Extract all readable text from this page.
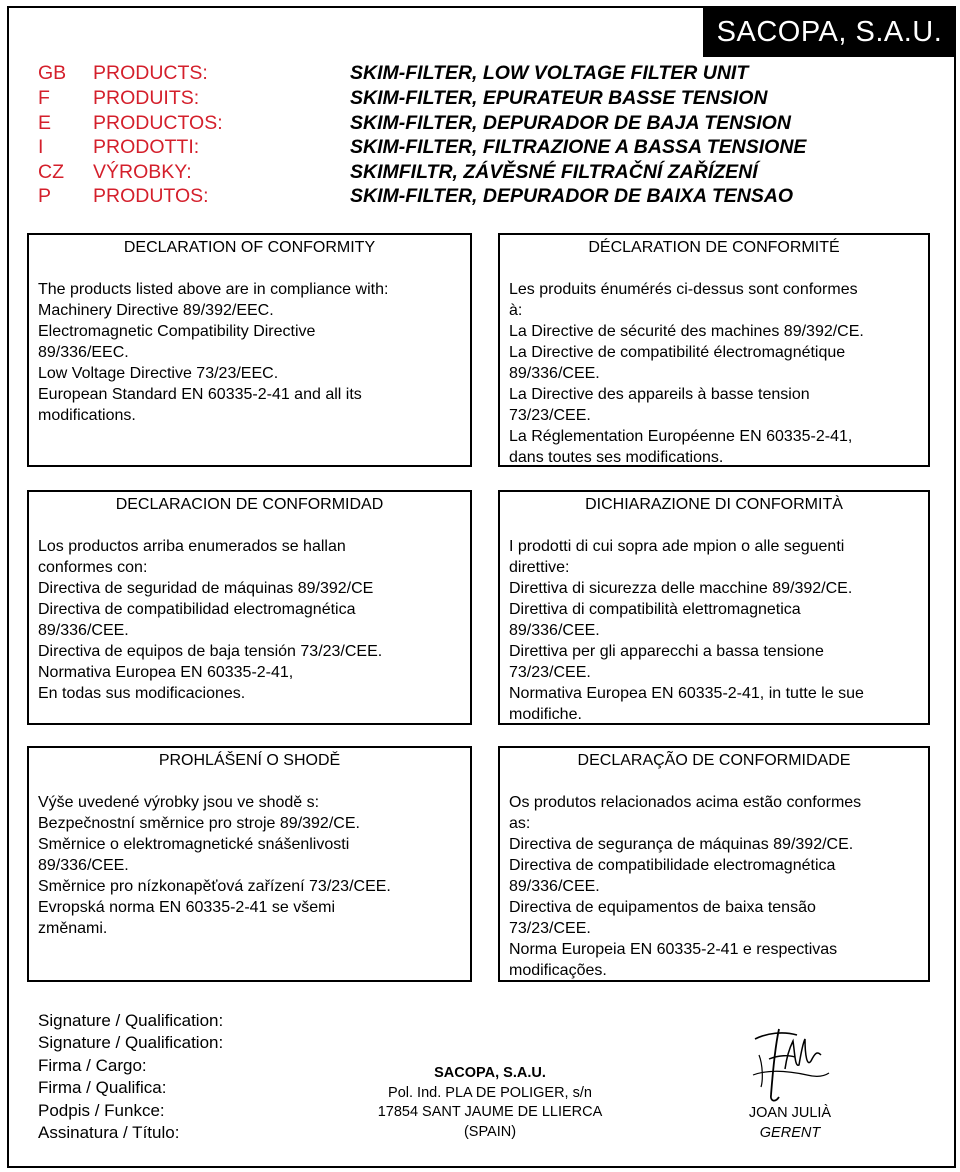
SACOPA, S.A.U.
GB PRODUCTS:	SKIM-FILTER, LOW VOLTAGE FILTER UNIT
F PRODUITS:	SKIM-FILTER, EPURATEUR BASSE TENSION
E PRODUCTOS:	SKIM-FILTER, DEPURADOR DE BAJA TENSION
I	PRODOTTI:	SKIM-FILTER, FILTRAZIONE A BASSA TENSIONE
CZ VÝROBKY:	SKIMFILTR, ZÁVĚSNÉ FILTRAČNÍ ZAŘÍZENÍ
P PRODUTOS:	SKIM-FILTER, DEPURADOR DE BAIXA TENSAO
DECLARATION OF CONFORMITY
The products listed above are in compliance with:
Machinery Directive 89/392/EEC.
Electromagnetic Compatibility Directive
89/336/EEC.
Low Voltage Directive 73/23/EEC.
European Standard EN 60335-2-41 and all its
modifications.
DÉCLARATION DE CONFORMITÉ
Les produits énumérés ci-dessus sont conformes
à:
La Directive de sécurité des machines 89/392/CE.
La Directive de compatibilité électromagnétique
89/336/CEE.
La Directive des appareils à basse tension
73/23/CEE.
La Réglementation Européenne EN 60335-2-41,
dans toutes ses modifications.
DECLARACION DE CONFORMIDAD
Los productos arriba enumerados se hallan
conformes con:
Directiva de seguridad de máquinas 89/392/CE
Directiva de compatibilidad electromagnética
89/336/CEE.
Directiva de equipos de baja tensión 73/23/CEE.
Normativa Europea EN 60335-2-41,
En todas sus modificaciones.
DICHIARAZIONE DI CONFORMITÀ
I prodotti di cui sopra ade mpion o alle seguenti
direttive:
Direttiva di sicurezza delle macchine 89/392/CE.
Direttiva di compatibilità elettromagnetica
89/336/CEE.
Direttiva per gli apparecchi a bassa tensione
73/23/CEE.
Normativa Europea EN 60335-2-41, in tutte le sue
modifiche.
PROHLÁŠENÍ O SHODĚ
Výše uvedené výrobky jsou ve shodě s:
Bezpečnostní směrnice pro stroje 89/392/CE.
Směrnice o elektromagnetické snášenlivosti
89/336/CEE.
Směrnice pro nízkonapěťová zařízení 73/23/CEE.
Evropská norma EN 60335-2-41 se všemi
změnami.
DECLARAÇÃO DE CONFORMIDADE
Os produtos relacionados acima estão conformes
as:
Directiva de segurança de máquinas 89/392/CE.
Directiva de compatibilidade electromagnética
89/336/CEE.
Directiva de equipamentos de baixa tensão
73/23/CEE.
Norma Europeia EN 60335-2-41 e respectivas
modificações.
Signature / Qualification:
Signature / Qualification:
Firma / Cargo:
Firma / Qualifica:
Podpis / Funkce:
Assinatura / Título:
SACOPA, S.A.U.
Pol. Ind. PLA DE POLIGER, s/n
17854 SANT JAUME DE LLIERCA
(SPAIN)
JOAN JULIÀ
GERENT
